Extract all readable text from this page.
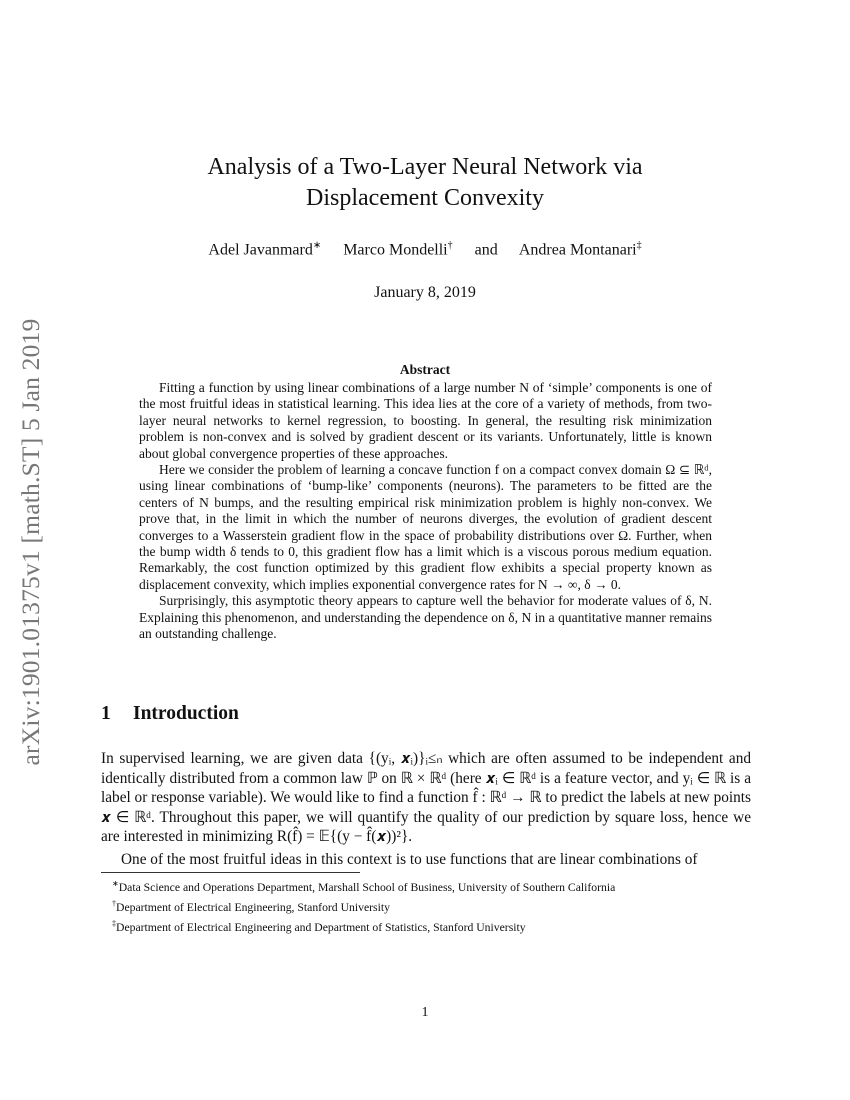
arXiv:1901.01375v1 [math.ST] 5 Jan 2019
Analysis of a Two-Layer Neural Network via
Displacement Convexity
Adel Javanmard∗ Marco Mondelli† and Andrea Montanari‡
January 8, 2019
Abstract

Fitting a function by using linear combinations of a large number N of ‘simple’ components is one of the most fruitful ideas in statistical learning. This idea lies at the core of a variety of methods, from two-layer neural networks to kernel regression, to boosting. In general, the resulting risk minimization problem is non-convex and is solved by gradient descent or its variants. Unfortunately, little is known about global convergence properties of these approaches.

Here we consider the problem of learning a concave function f on a compact convex domain Ω ⊆ ℝᵈ, using linear combinations of ‘bump-like’ components (neurons). The parameters to be fitted are the centers of N bumps, and the resulting empirical risk minimization problem is highly non-convex. We prove that, in the limit in which the number of neurons diverges, the evolution of gradient descent converges to a Wasserstein gradient flow in the space of probability distributions over Ω. Further, when the bump width δ tends to 0, this gradient flow has a limit which is a viscous porous medium equation. Remarkably, the cost function optimized by this gradient flow exhibits a special property known as displacement convexity, which implies exponential convergence rates for N → ∞, δ → 0.

Surprisingly, this asymptotic theory appears to capture well the behavior for moderate values of δ, N. Explaining this phenomenon, and understanding the dependence on δ, N in a quantitative manner remains an outstanding challenge.

1 Introduction

In supervised learning, we are given data {(yᵢ, 𝒙ᵢ)}ᵢ≤ₙ which are often assumed to be independent and identically distributed from a common law ℙ on ℝ × ℝᵈ (here 𝒙ᵢ ∈ ℝᵈ is a feature vector, and yᵢ ∈ ℝ is a label or response variable). We would like to find a function f̂ : ℝᵈ → ℝ to predict the labels at new points 𝒙 ∈ ℝᵈ. Throughout this paper, we will quantify the quality of our prediction by square loss, hence we are interested in minimizing R(f̂) = 𝔼{(y − f̂(𝒙))²}.

One of the most fruitful ideas in this context is to use functions that are linear combinations of

∗Data Science and Operations Department, Marshall School of Business, University of Southern California
†Department of Electrical Engineering, Stanford University
‡Department of Electrical Engineering and Department of Statistics, Stanford University
1
